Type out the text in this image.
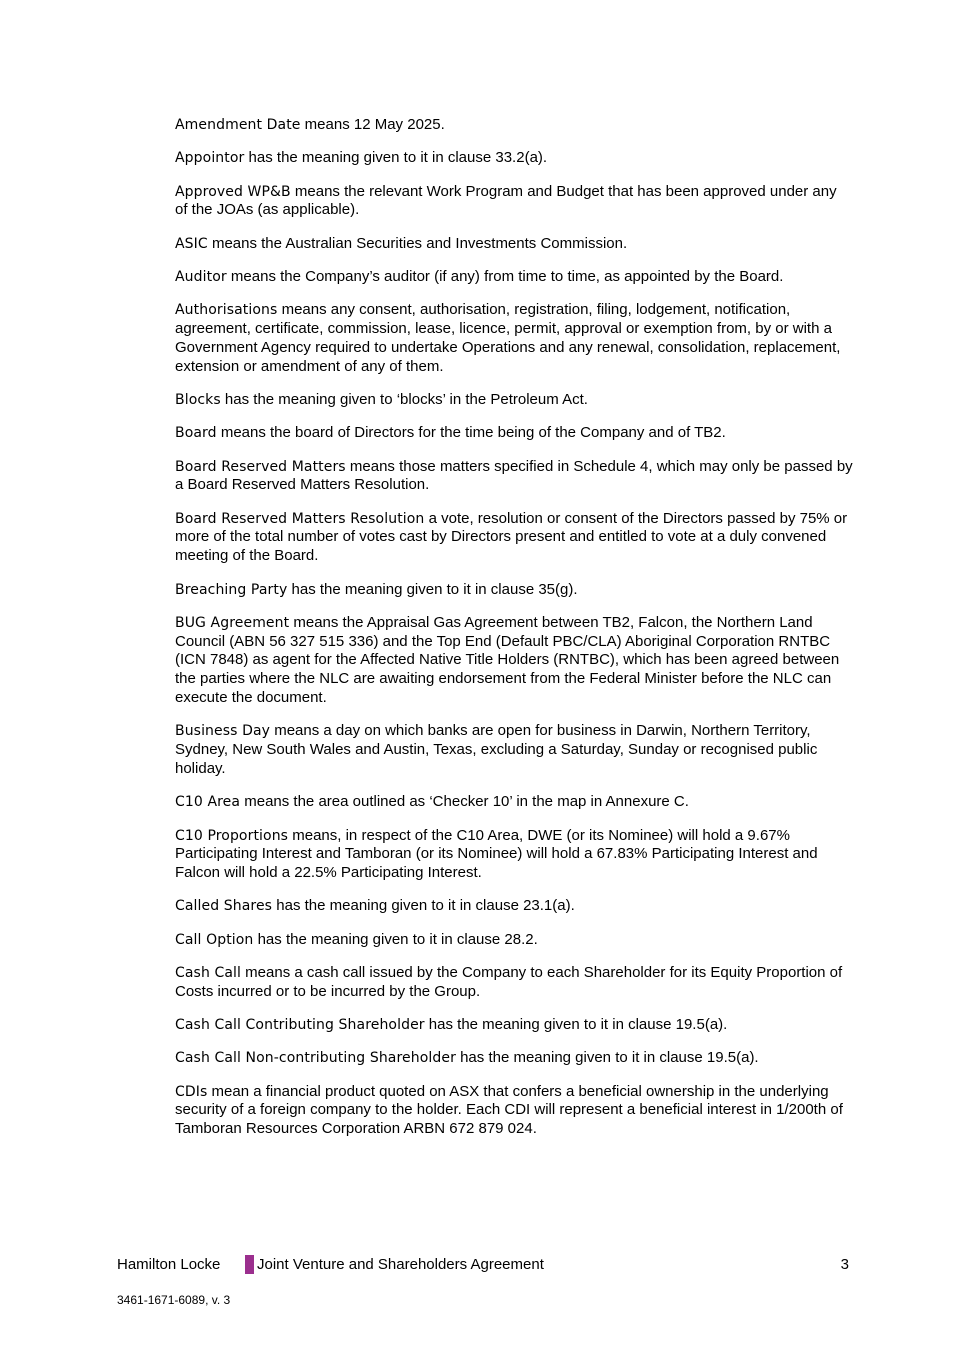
Amendment Date means 12 May 2025.

Appointor has the meaning given to it in clause 33.2(a).

Approved WP&B means the relevant Work Program and Budget that has been approved under any of the JOAs (as applicable).

ASIC means the Australian Securities and Investments Commission.

Auditor means the Company’s auditor (if any) from time to time, as appointed by the Board.

Authorisations means any consent, authorisation, registration, filing, lodgement, notification, agreement, certificate, commission, lease, licence, permit, approval or exemption from, by or with a Government Agency required to undertake Operations and any renewal, consolidation, replacement, extension or amendment of any of them.

Blocks has the meaning given to ‘blocks’ in the Petroleum Act.

Board means the board of Directors for the time being of the Company and of TB2.

Board Reserved Matters means those matters specified in Schedule 4, which may only be passed by a Board Reserved Matters Resolution.

Board Reserved Matters Resolution a vote, resolution or consent of the Directors passed by 75% or more of the total number of votes cast by Directors present and entitled to vote at a duly convened meeting of the Board.

Breaching Party has the meaning given to it in clause 35(g).

BUG Agreement means the Appraisal Gas Agreement between TB2, Falcon, the Northern Land Council (ABN 56 327 515 336) and the Top End (Default PBC/CLA) Aboriginal Corporation RNTBC (ICN 7848) as agent for the Affected Native Title Holders (RNTBC), which has been agreed between the parties where the NLC are awaiting endorsement from the Federal Minister before the NLC can execute the document.

Business Day means a day on which banks are open for business in Darwin, Northern Territory, Sydney, New South Wales and Austin, Texas, excluding a Saturday, Sunday or recognised public holiday.

C10 Area means the area outlined as ‘Checker 10’ in the map in Annexure C.

C10 Proportions means, in respect of the C10 Area, DWE (or its Nominee) will hold a 9.67% Participating Interest and Tamboran (or its Nominee) will hold a 67.83% Participating Interest and Falcon will hold a 22.5% Participating Interest.

Called Shares has the meaning given to it in clause 23.1(a).

Call Option has the meaning given to it in clause 28.2.

Cash Call means a cash call issued by the Company to each Shareholder for its Equity Proportion of Costs incurred or to be incurred by the Group.

Cash Call Contributing Shareholder has the meaning given to it in clause 19.5(a).

Cash Call Non-contributing Shareholder has the meaning given to it in clause 19.5(a).

CDIs mean a financial product quoted on ASX that confers a beneficial ownership in the underlying security of a foreign company to the holder. Each CDI will represent a beneficial interest in 1/200th of Tamboran Resources Corporation ARBN 672 879 024.

Hamilton Locke Joint Venture and Shareholders Agreement	3
3461-1671-6089, v. 3
